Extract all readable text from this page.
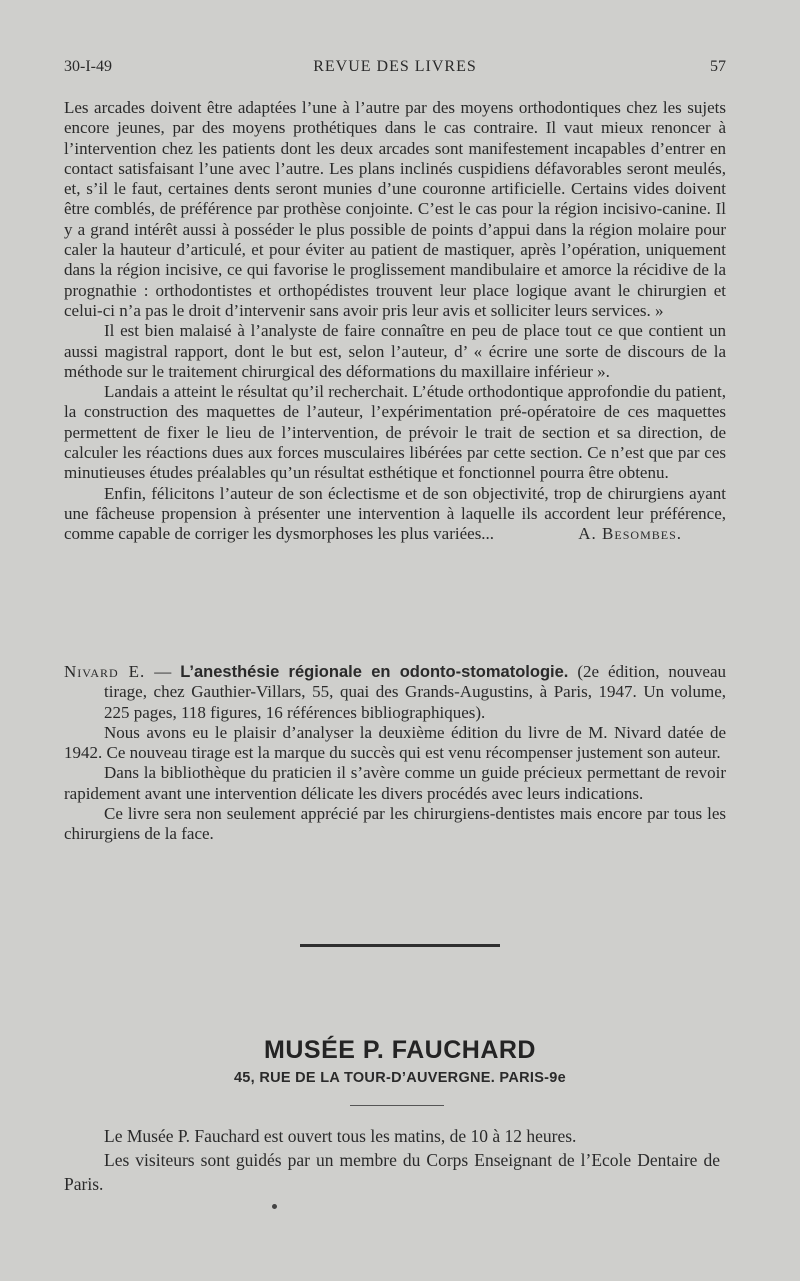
30-I-49	REVUE DES LIVRES	57

Les arcades doivent être adaptées l’une à l’autre par des moyens orthodontiques chez les sujets encore jeunes, par des moyens prothétiques dans le cas contraire. Il vaut mieux renoncer à l’intervention chez les patients dont les deux arcades sont manifestement incapables d’entrer en contact satisfaisant l’une avec l’autre. Les plans inclinés cuspidiens défavorables seront meulés, et, s’il le faut, certaines dents seront munies d’une couronne artificielle. Certains vides doivent être comblés, de préférence par prothèse conjointe. C’est le cas pour la région incisivo-canine. Il y a grand intérêt aussi à posséder le plus possible de points d’appui dans la région molaire pour caler la hauteur d’articulé, et pour éviter au patient de mastiquer, après l’opération, uniquement dans la région incisive, ce qui favorise le proglissement mandibulaire et amorce la récidive de la prognathie : orthodontistes et orthopédistes trouvent leur place logique avant le chirurgien et celui-ci n’a pas le droit d’intervenir sans avoir pris leur avis et solliciter leurs services. »

Il est bien malaisé à l’analyste de faire connaître en peu de place tout ce que contient un aussi magistral rapport, dont le but est, selon l’auteur, d’ « écrire une sorte de discours de la méthode sur le traitement chirurgical des déformations du maxillaire inférieur ».

Landais a atteint le résultat qu’il recherchait. L’étude orthodontique approfondie du patient, la construction des maquettes de l’auteur, l’expérimentation pré-opératoire de ces maquettes permettent de fixer le lieu de l’intervention, de prévoir le trait de section et sa direction, de calculer les réactions dues aux forces musculaires libérées par cette section. Ce n’est que par ces minutieuses études préalables qu’un résultat esthétique et fonctionnel pourra être obtenu.

Enfin, félicitons l’auteur de son éclectisme et de son objectivité, trop de chirurgiens ayant une fâcheuse propension à présenter une intervention à laquelle ils accordent leur préférence, comme capable de corriger les dysmorphoses les plus variées...	A. Besombes.

Nivard E. — L’anesthésie régionale en odonto-stomatologie. (2e édition, nouveau tirage, chez Gauthier-Villars, 55, quai des Grands-Augustins, à Paris, 1947. Un volume, 225 pages, 118 figures, 16 références bibliographiques).

Nous avons eu le plaisir d’analyser la deuxième édition du livre de M. Nivard datée de 1942. Ce nouveau tirage est la marque du succès qui est venu récompenser justement son auteur.

Dans la bibliothèque du praticien il s’avère comme un guide précieux permettant de revoir rapidement avant une intervention délicate les divers procédés avec leurs indications.

Ce livre sera non seulement apprécié par les chirurgiens-dentistes mais encore par tous les chirurgiens de la face.

MUSÉE P. FAUCHARD
45, RUE DE LA TOUR-D’AUVERGNE. PARIS-9e

Le Musée P. Fauchard est ouvert tous les matins, de 10 à 12 heures.

Les visiteurs sont guidés par un membre du Corps Enseignant de l’Ecole Dentaire de Paris.
